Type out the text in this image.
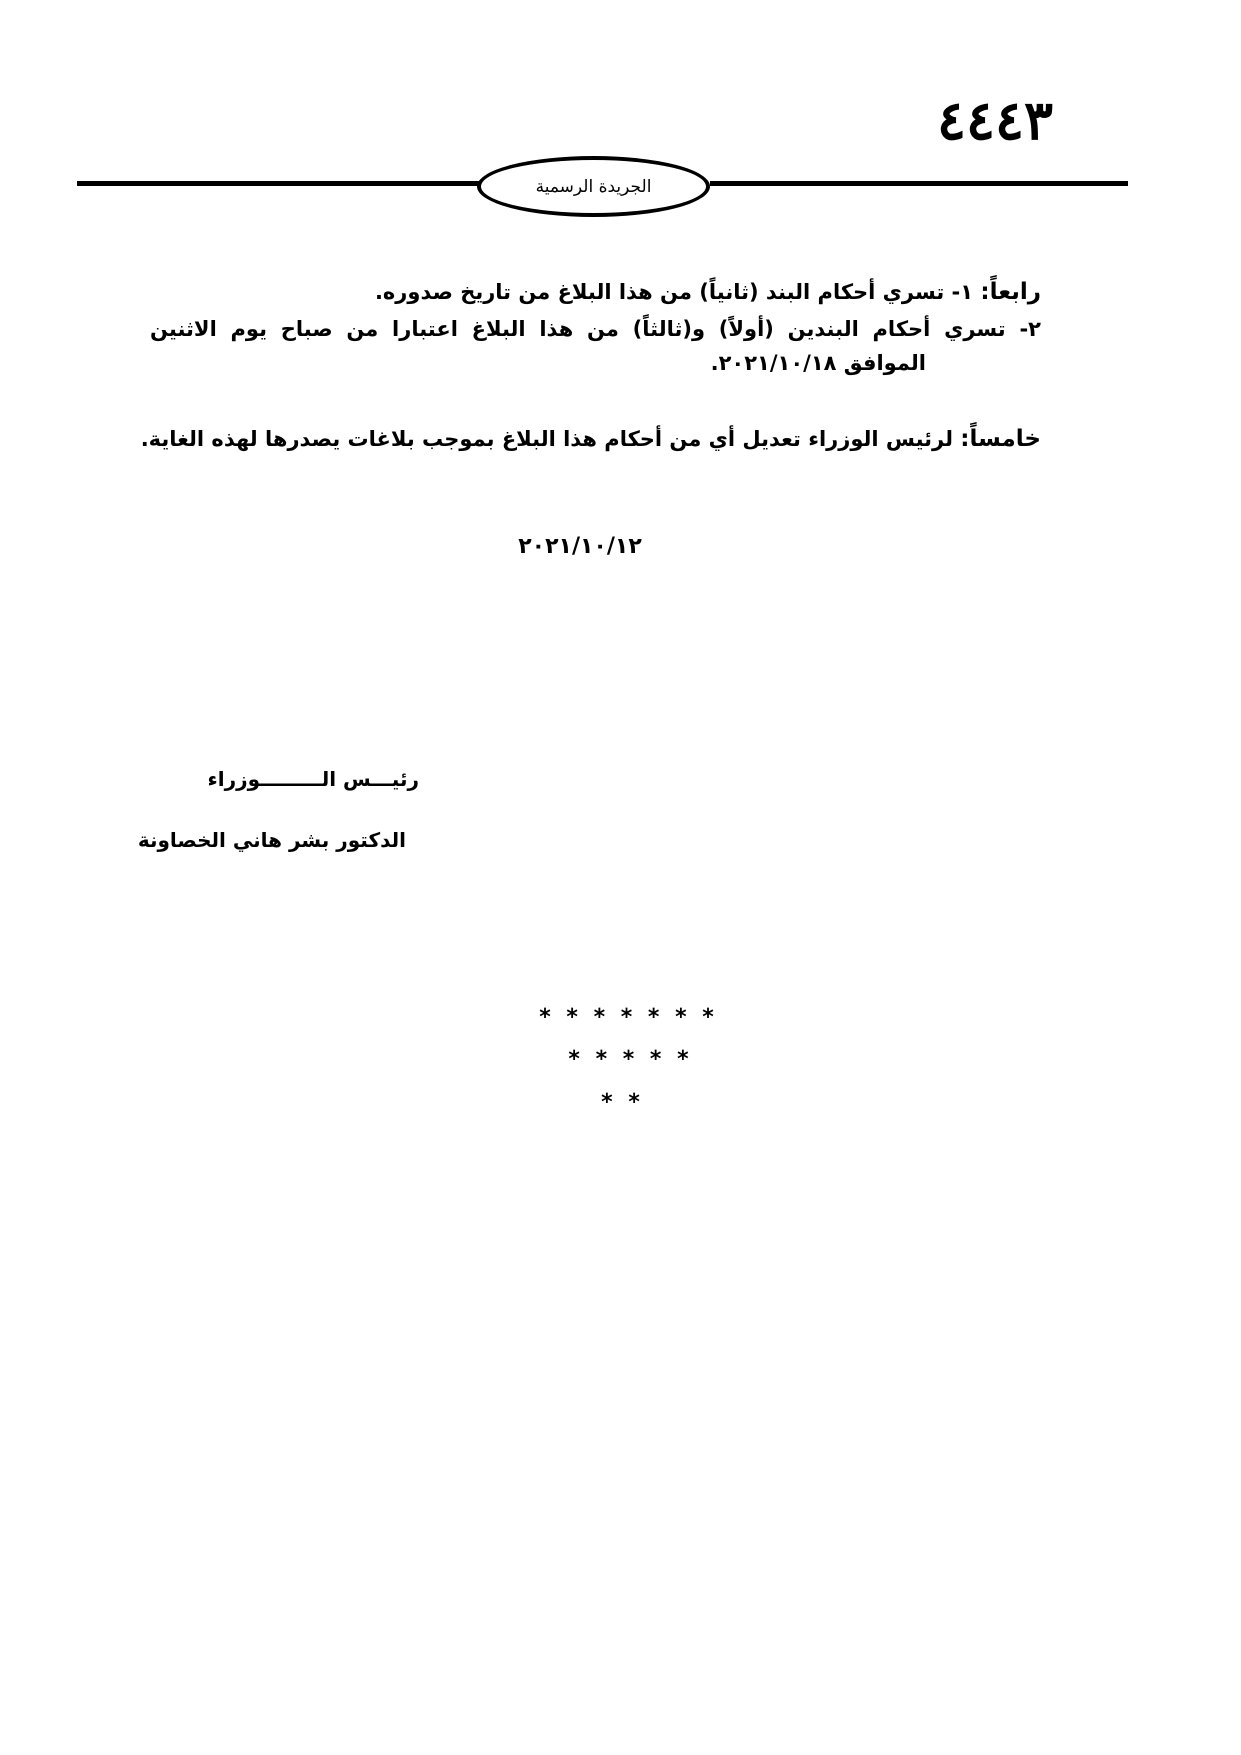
٤٤٤٣
الجريدة الرسمية
رابعاً: ١- تسري أحكام البند (ثانياً) من هذا البلاغ من تاريخ صدوره.
٢- تسري أحكام البندين (أولاً) و(ثالثاً) من هذا البلاغ اعتبارا من صباح يوم الاثنين
الموافق ٢٠٢١/١٠/١٨.
خامساً: لرئيس الوزراء تعديل أي من أحكام هذا البلاغ بموجب بلاغات يصدرها لهذه الغاية.
٢٠٢١/١٠/١٢
رئيـــس الـــــــــوزراء
الدكتور بشر هاني الخصاونة
* * * * * * *
* * * * *
* *
